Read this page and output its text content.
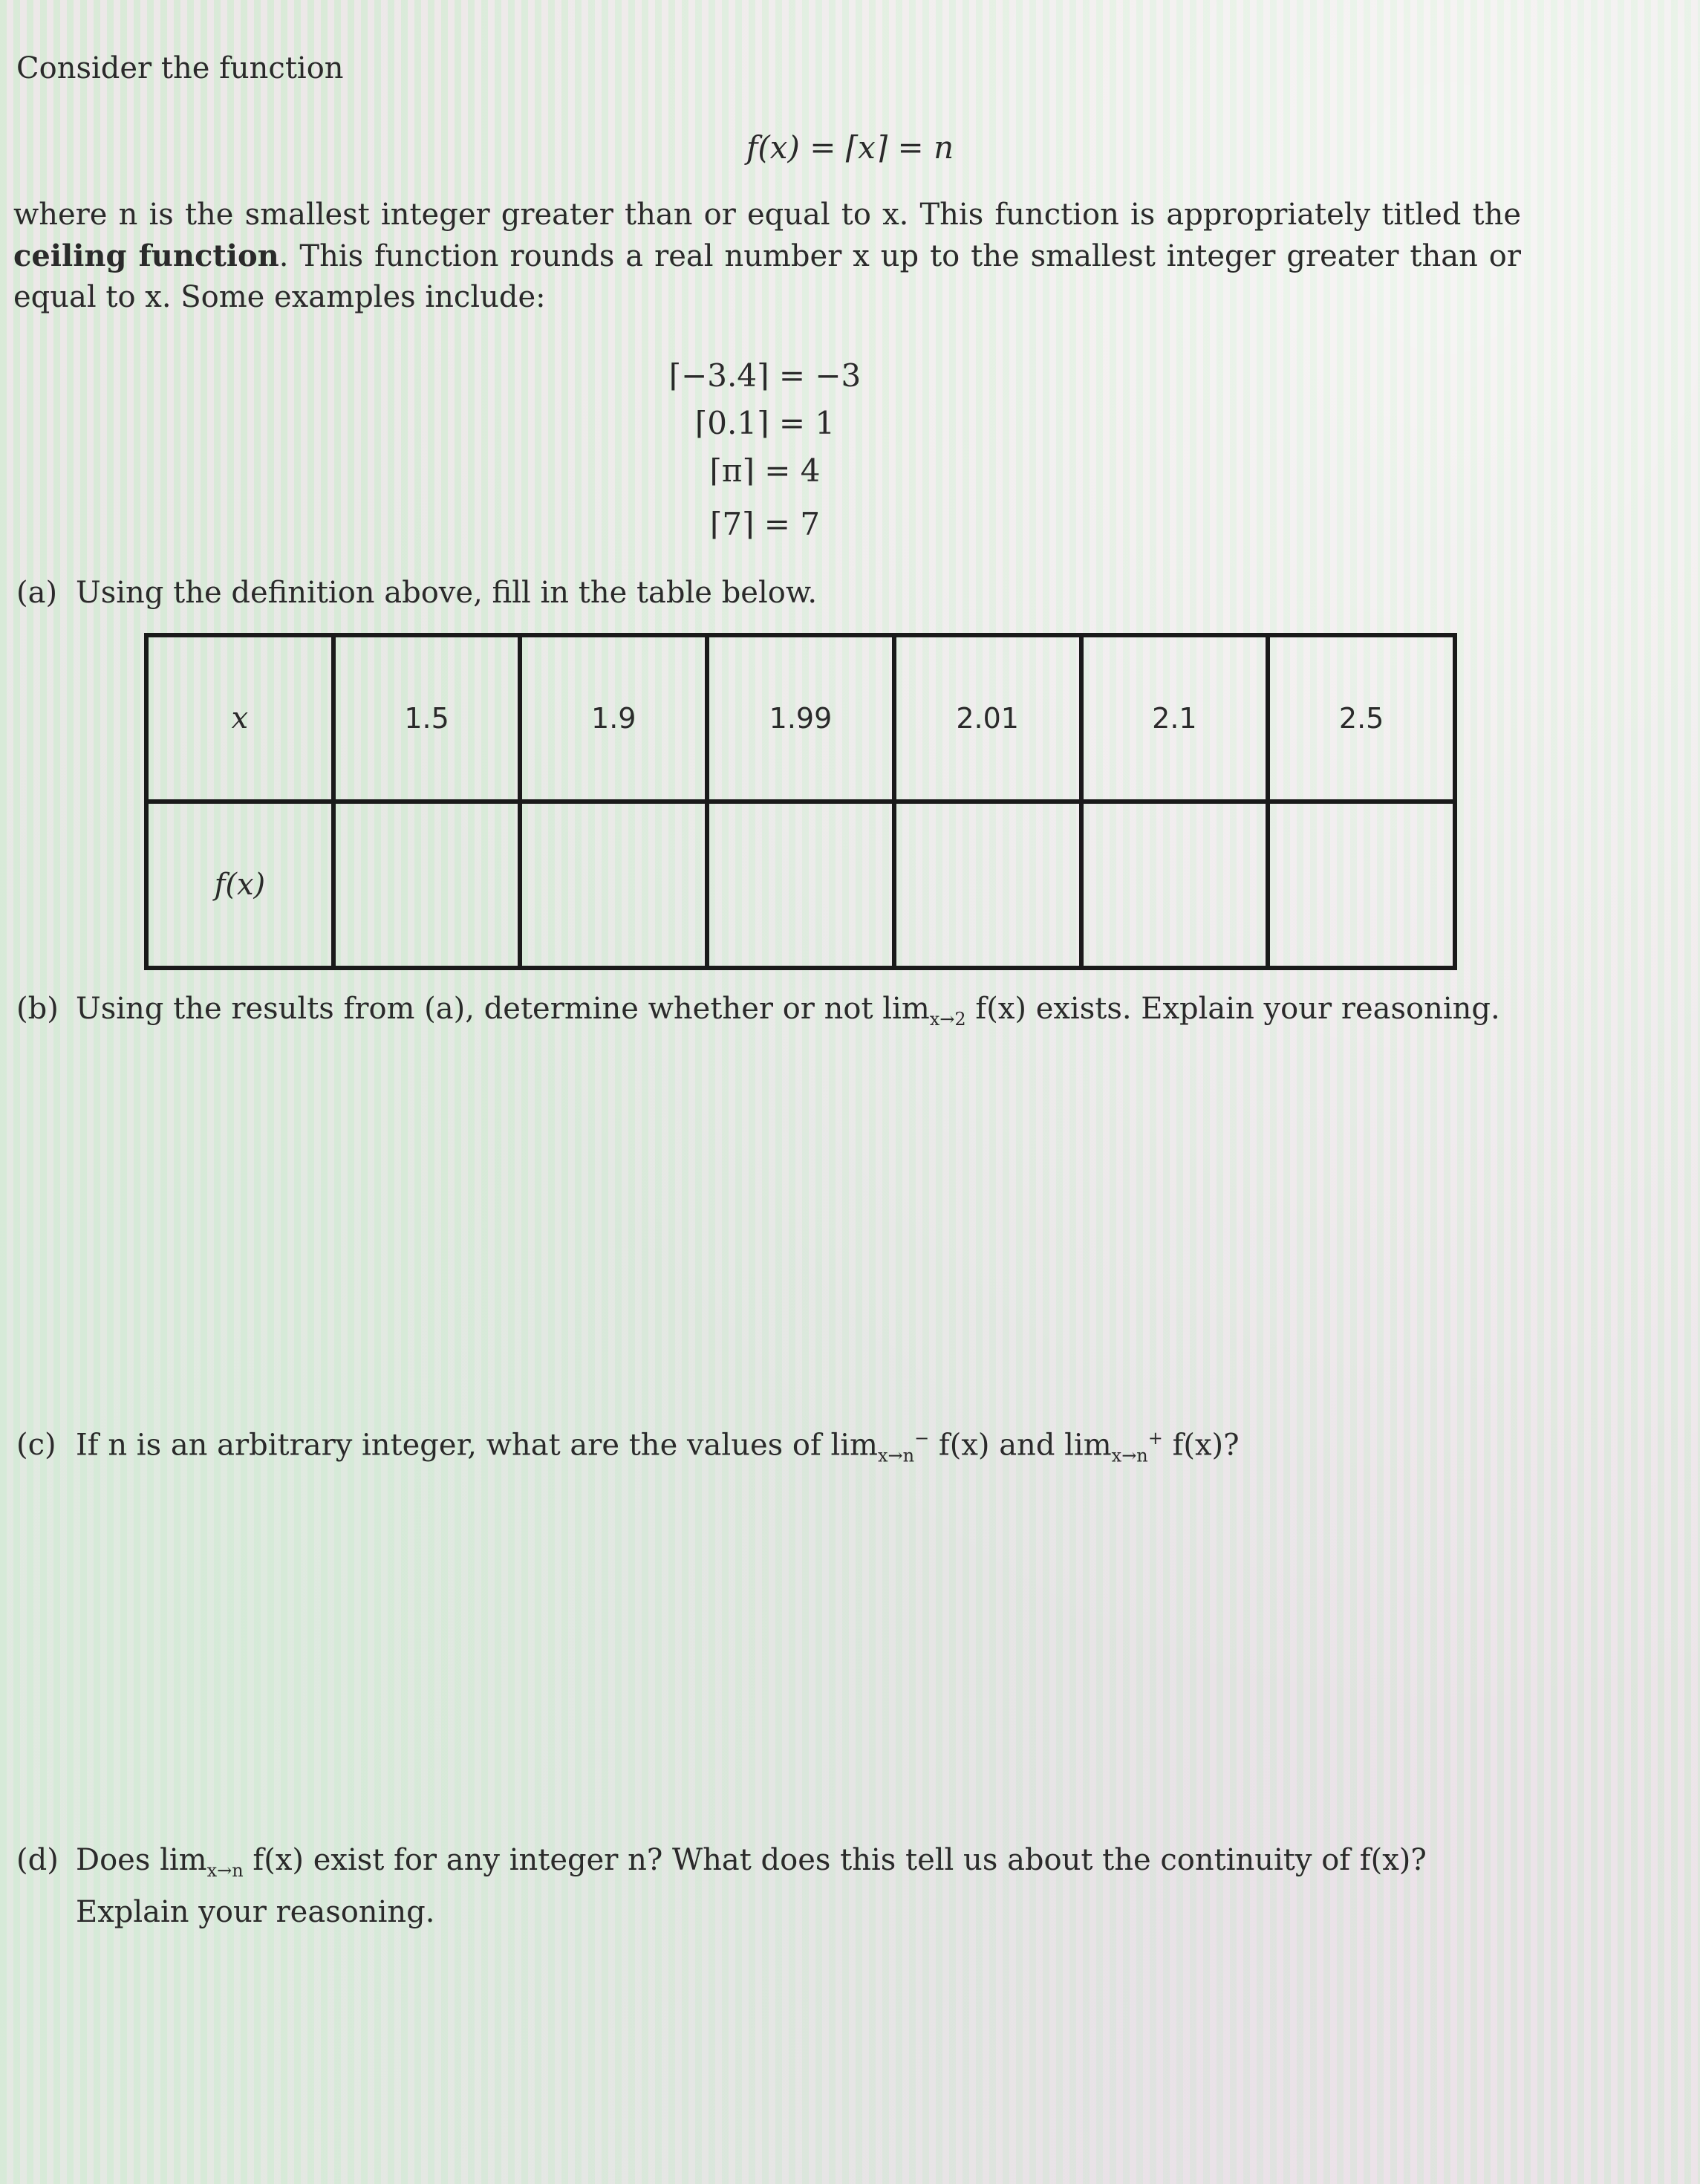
Consider the function

f(x) = ⌈x⌉ = n

where n is the smallest integer greater than or equal to x. This function is appropriately titled the ceiling function. This function rounds a real number x up to the smallest integer greater than or equal to x. Some examples include:

⌈−3.4⌉ = −3
⌈0.1⌉ = 1
⌈π⌉ = 4
⌈7⌉ = 7

(a) Using the definition above, fill in the table below.

x	1.5	1.9	1.99	2.01	2.1	2.5
f(x)						

(b) Using the results from (a), determine whether or not $\lim_{x\to 2} f(x)$ exists. Explain your reasoning.

(c) If n is an arbitrary integer, what are the values of $\lim_{x\to n}^- f(x)$ and $\lim_{x\to n}^+ f(x)$?

(d) Does $\lim_{x\to n} f(x)$ exist for any integer n? What does this tell us about the continuity of f(x)?
Explain your reasoning.
